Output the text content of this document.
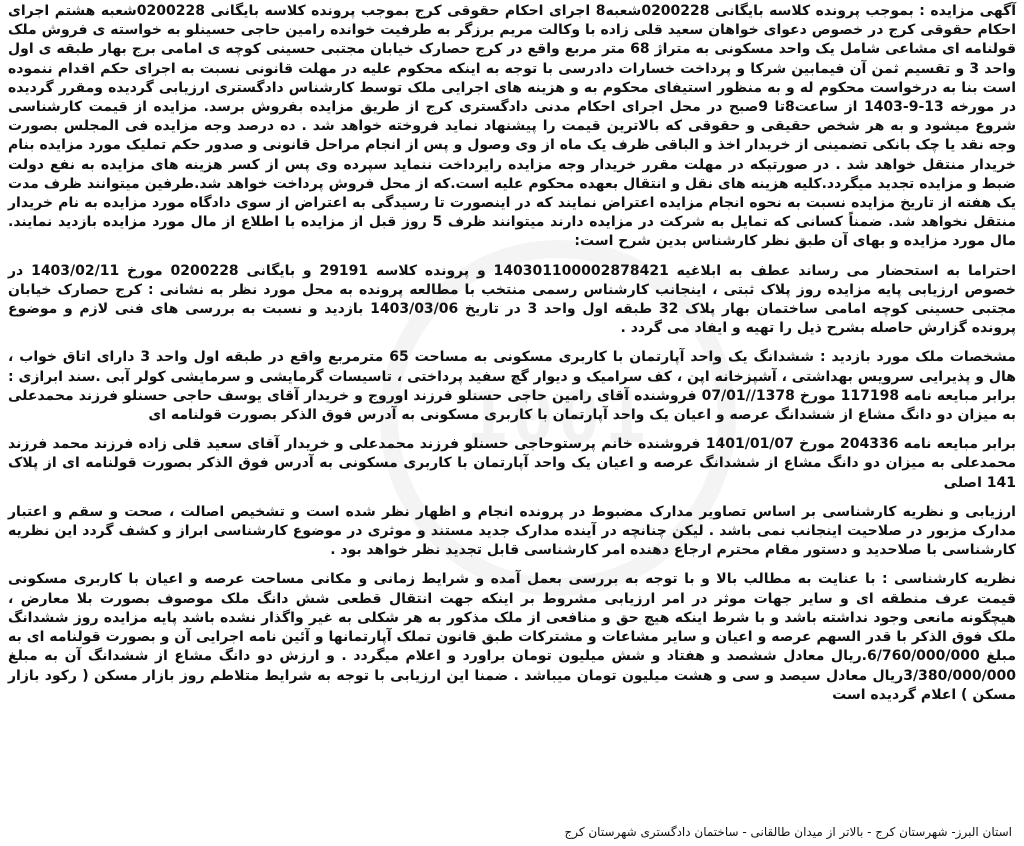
1001

آگهی مزایده : بموجب پرونده کلاسه بایگانی 0200228شعبه8 اجرای احکام حقوقی کرج بموجب پرونده کلاسه بایگانی 0200228شعبه هشتم اجرای احکام حقوقی کرج در خصوص دعوای خواهان سعید قلی زاده با وکالت مریم برزگر به طرفیت خوانده رامین حاجی حسینلو به خواسته ی فروش ملک قولنامه ای مشاعی شامل یک واحد مسکونی به متراژ 68 متر مربع واقع در کرج حصارک خیابان مجتبی حسینی کوچه ی امامی برج بهار طبقه ی اول واحد 3 و تقسیم ثمن آن فیمابین شرکا و پرداخت خسارات دادرسی با توجه به اینکه محکوم علیه در مهلت قانونی نسبت به اجرای حکم اقدام ننموده است بنا به درخواست محکوم له و به منظور استیفای محکوم به و هزینه های اجرایی ملک توسط کارشناس دادگستری ارزیابی گردیده ومقرر گردیده در مورخه 13-9-1403 از ساعت8تا 9صبح در محل اجرای احکام مدنی دادگستری کرج از طریق مزایده بفروش برسد. مزایده از قیمت کارشناسی شروع میشود و به هر شخص حقیقی و حقوقی که بالاترین قیمت را پیشنهاد نماید فروخته خواهد شد . ده درصد وجه مزایده فی المجلس بصورت وجه نقد یا چک بانکی تضمینی از خریدار اخذ و الباقی ظرف یک ماه از وی وصول و پس از انجام مراحل قانونی و صدور حکم تملیک مورد مزایده بنام خریدار منتقل خواهد شد . در صورتیکه در مهلت مقرر خریدار وجه مزایده رایرداخت ننماید سپرده وی پس از کسر هزینه های مزایده به نفع دولت ضبط و مزایده تجدید میگردد.کلیه هزینه های نقل و انتقال بعهده محکوم علیه است.که از محل فروش پرداخت خواهد شد.طرفین میتوانند ظرف مدت یک هفته از تاریخ مزایده نسبت به نحوه انجام مزایده اعتراض نمایند که در اینصورت تا رسیدگی به اعتراض از سوی دادگاه مورد مزایده به نام خریدار منتقل نخواهد شد. ضمناً کسانی که تمایل به شرکت در مزایده دارند میتوانند ظرف 5 روز قبل از مزایده با اطلاع از مال مورد مزایده بازدید نمایند. مال مورد مزایده و بهای آن طبق نظر کارشناس بدین شرح است:

احتراما به استحضار می رساند عطف به ابلاغیه 140301100002878421 و پرونده کلاسه 29191 و بایگانی 0200228 مورخ 1403/02/11 در خصوص ارزیابی پایه مزایده روز پلاک ثبتی ، اینجانب کارشناس رسمی منتخب با مطالعه پرونده به محل مورد نظر به نشانی : کرج حصارک خیابان مجتبی حسینی کوچه امامی ساختمان بهار پلاک 32 طبقه اول واحد 3 در تاریخ 1403/03/06 بازدید و نسبت به بررسی های فنی لازم و موضوع پرونده گزارش حاصله بشرح ذیل را تهیه و ایفاد می گردد .

مشخصات ملک مورد بازدید : ششدانگ یک واحد آپارتمان با کاربری مسکونی به مساحت 65 مترمربع واقع در طبقه اول واحد 3 دارای اتاق خواب ، هال و پذیرایی سرویس بهداشتی ، آشپزخانه اپن ، کف سرامیک و دیوار گچ سفید پرداختی ، تاسیسات گرمایشی و سرمایشی کولر آبی .سند ابرازی : برابر مبایعه نامه 117198 مورخ 1378//07/01 فروشنده آقای رامین حاجی حسنلو فرزند اوروج و خریدار آقای یوسف حاجی حسنلو فرزند محمدعلی به میزان دو دانگ مشاع از ششدانگ عرصه و اعیان یک واحد آپارتمان با کاربری مسکونی به آدرس فوق الذکر بصورت قولنامه ای

برابر مبایعه نامه 204336 مورخ 1401/01/07 فروشنده خانم پرستوحاجی حسنلو فرزند محمدعلی و خریدار آقای سعید قلی زاده فرزند محمد فرزند محمدعلی به میزان دو دانگ مشاع از ششدانگ عرصه و اعیان یک واحد آپارتمان با کاربری مسکونی به آدرس فوق الذکر بصورت قولنامه ای از پلاک 141 اصلی

ارزیابی و نظریه کارشناسی بر اساس تصاویر مدارک مضبوط در پرونده انجام و اظهار نظر شده است و تشخیص اصالت ، صحت و سقم و اعتبار مدارک مزبور در صلاحیت اینجانب نمی باشد . لیکن چنانچه در آینده مدارک جدید مستند و موثری در موضوع کارشناسی ابراز و کشف گردد این نظریه کارشناسی با صلاحدید و دستور مقام محترم ارجاع دهنده امر کارشناسی قابل تجدید نظر خواهد بود .

نظریه کارشناسی : با عنایت به مطالب بالا و با توجه به بررسی بعمل آمده و شرایط زمانی و مکانی مساحت عرصه و اعیان با کاربری مسکونی قیمت عرف منطقه ای و سایر جهات موثر در امر ارزیابی مشروط بر اینکه جهت انتقال قطعی شش دانگ ملک موصوف بصورت بلا معارض ، هیچگونه مانعی وجود نداشته باشد و با شرط اینکه هیچ حق و منافعی از ملک مذکور به هر شکلی به غیر واگذار نشده باشد پایه مزایده روز ششدانگ ملک فوق الذکر با قدر السهم عرصه و اعیان و سایر مشاعات و مشترکات طبق قانون تملک آپارتمانها و آئین نامه اجرایی آن و بصورت قولنامه ای به مبلغ 6/760/000/000.ریال معادل ششصد و هفتاد و شش میلیون تومان براورد و اعلام میگردد . و ارزش دو دانگ مشاع از ششدانگ آن به مبلغ 3/380/000/000ریال معادل سیصد و سی و هشت میلیون تومان میباشد . ضمنا این ارزیابی با توجه به شرایط متلاطم روز بازار مسکن ( رکود بازار مسکن ) اعلام گردیده است

استان البرز- شهرستان کرج - بالاتر از میدان طالقانی - ساختمان دادگستری شهرستان کرج
